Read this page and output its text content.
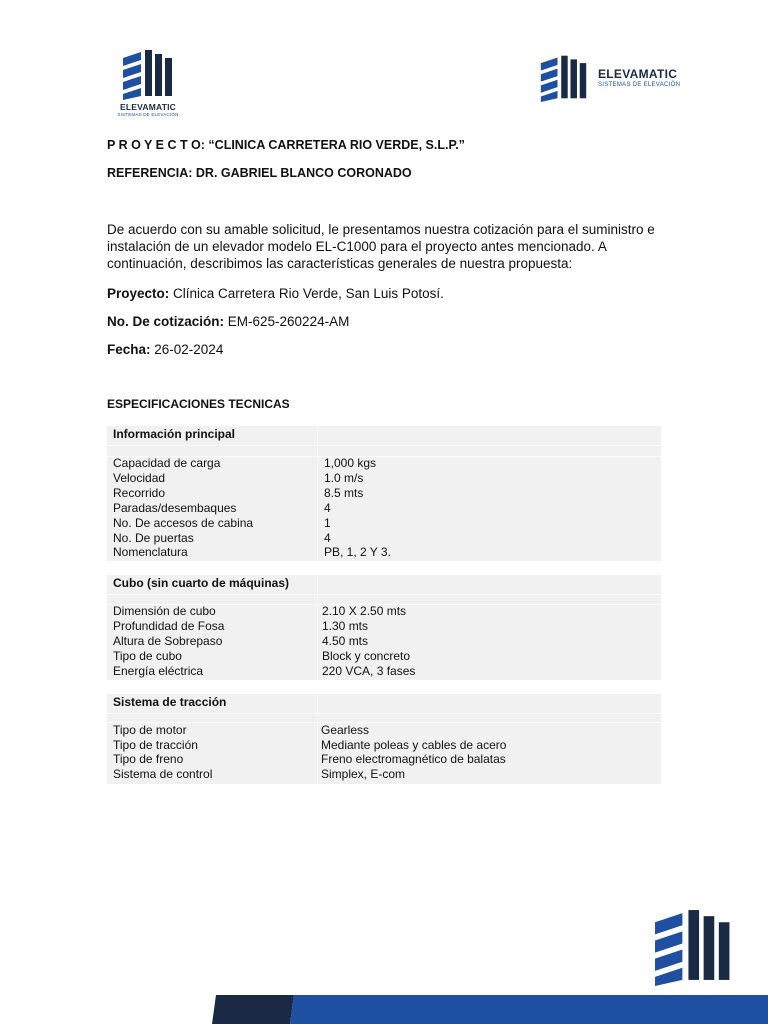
ELEVAMATIC
SISTEMAS DE ELEVACIÓN
ELEVAMATIC
SISTEMAS DE ELEVACIÓN
P R O Y E C T O: “CLINICA CARRETERA RIO VERDE, S.L.P.”
REFERENCIA: DR. GABRIEL BLANCO CORONADO
De acuerdo con su amable solicitud, le presentamos nuestra cotización para el suministro e instalación de un elevador modelo EL-C1000 para el proyecto antes mencionado. A continuación, describimos las características generales de nuestra propuesta:
Proyecto: Clínica Carretera Rio Verde, San Luis Potosí.
No. De cotización: EM-625-260224-AM
Fecha: 26-02-2024
ESPECIFICACIONES TECNICAS
Información principal
Capacidad de carga	1,000 kgs
Velocidad	1.0 m/s
Recorrido	8.5 mts
Paradas/desembaques	4
No. De accesos de cabina	1
No. De puertas	4
Nomenclatura	PB, 1, 2 Y 3.
Cubo (sin cuarto de máquinas)
Dimensión de cubo	2.10 X 2.50 mts
Profundidad de Fosa	1.30 mts
Altura de Sobrepaso	4.50 mts
Tipo de cubo	Block y concreto
Energía eléctrica	220 VCA, 3 fases
Sistema de tracción
Tipo de motor	Gearless
Tipo de tracción	Mediante poleas y cables de acero
Tipo de freno	Freno electromagnético de balatas
Sistema de control	Simplex, E-com
